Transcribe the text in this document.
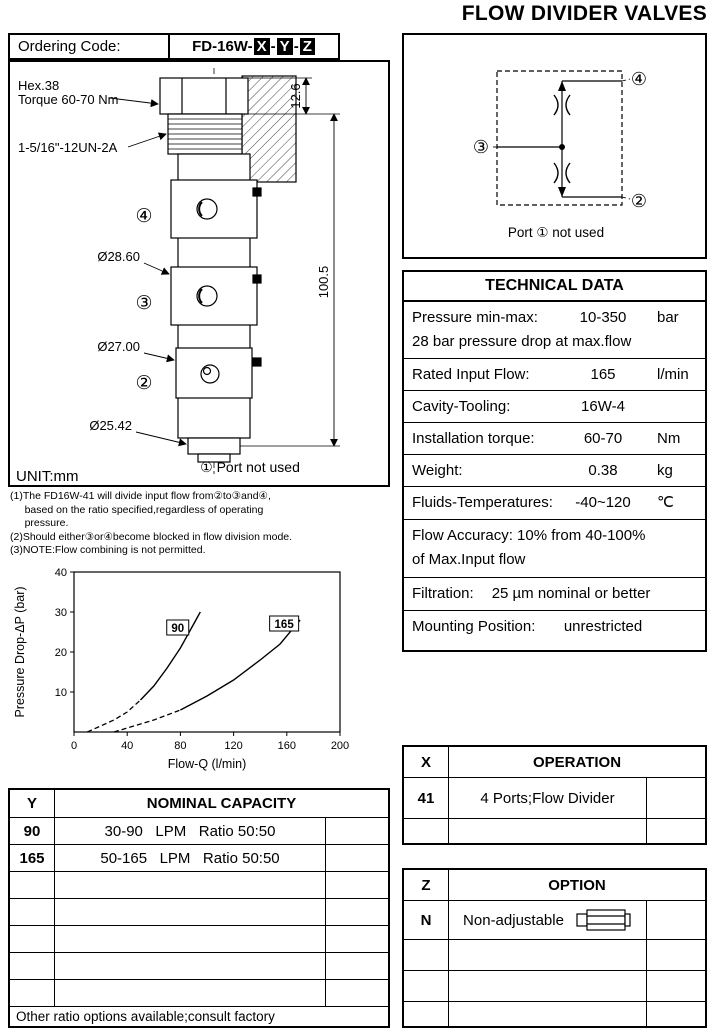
FLOW DIVIDER VALVES
Ordering Code:	FD-16W- X - Y - Z
Hex.38
Torque 60-70 Nm
1-5/16"-12UN-2A
12.6
100.5
Ø28.60
Ø27.00
Ø25.42
④
③
②
① Port not used
UNIT:mm
④
③
②
Port ① not used
(1)The FD16W-41 will divide input flow from②to③and④,
based on the ratio specified,regardless of operating
pressure.
(2)Should either③or④become blocked in flow division mode.
(3)NOTE:Flow combining is not permitted.
0	40	80	120	160	200
10
20
30
40
Flow-Q (l/min)
Pressure Drop-ΔP (bar)	90	165
TECHNICAL DATA
Pressure min-max:	10-350	bar
28 bar pressure drop at max.flow
Rated Input Flow:	165	l/min
Cavity-Tooling:	16W-4
Installation torque:	60-70	Nm
Weight:	0.38	kg
Fluids-Temperatures:	-40~120	℃
Flow Accuracy: 10% from 40-100%
of Max.Input flow
Filtration: 25 µm nominal or better
Mounting Position:	unrestricted
Y	NOMINAL CAPACITY
90	30-90   LPM   Ratio 50:50
165	50-165   LPM   Ratio 50:50
Other ratio options available;consult factory
X	OPERATION
41	4 Ports;Flow Divider
Z	OPTION
N	Non-adjustable
